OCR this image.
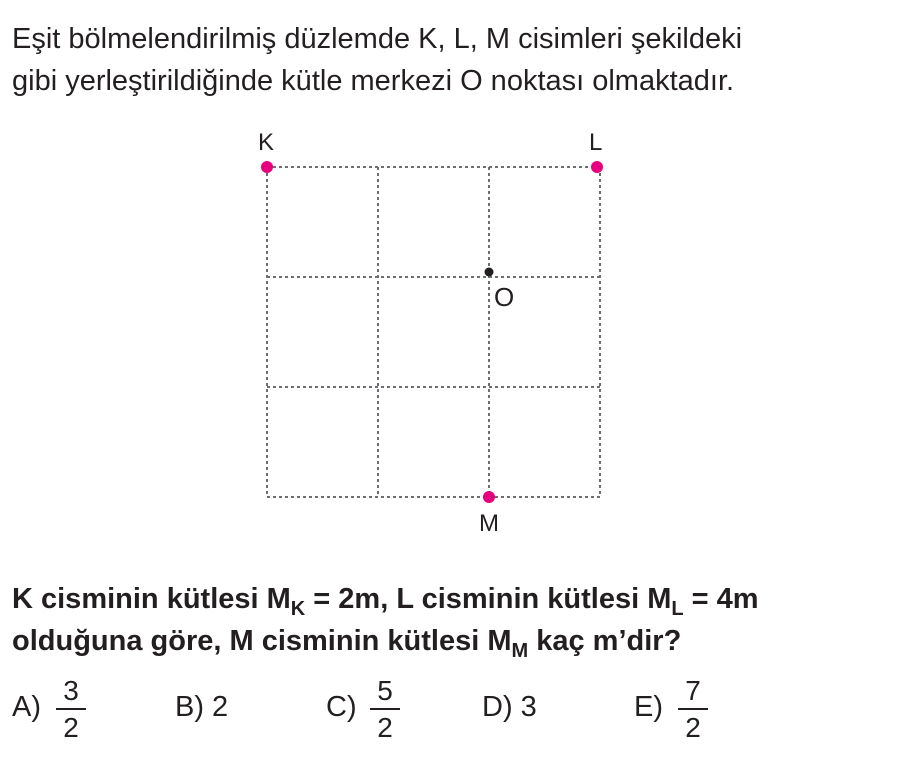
Eşit bölmelendirilmiş düzlemde K, L, M cisimleri şekildeki
gibi yerleştirildiğinde kütle merkezi O noktası olmaktadır.
K	L
M
O
K cisminin kütlesi $M_K = 2m$, L cisminin kütlesi $M_L = 4m$
olduğuna göre, M cisminin kütlesi $M_M$ kaç m’dir?
A)
3
2
B) 2	C)
5
2
D) 3	E)
7
2
